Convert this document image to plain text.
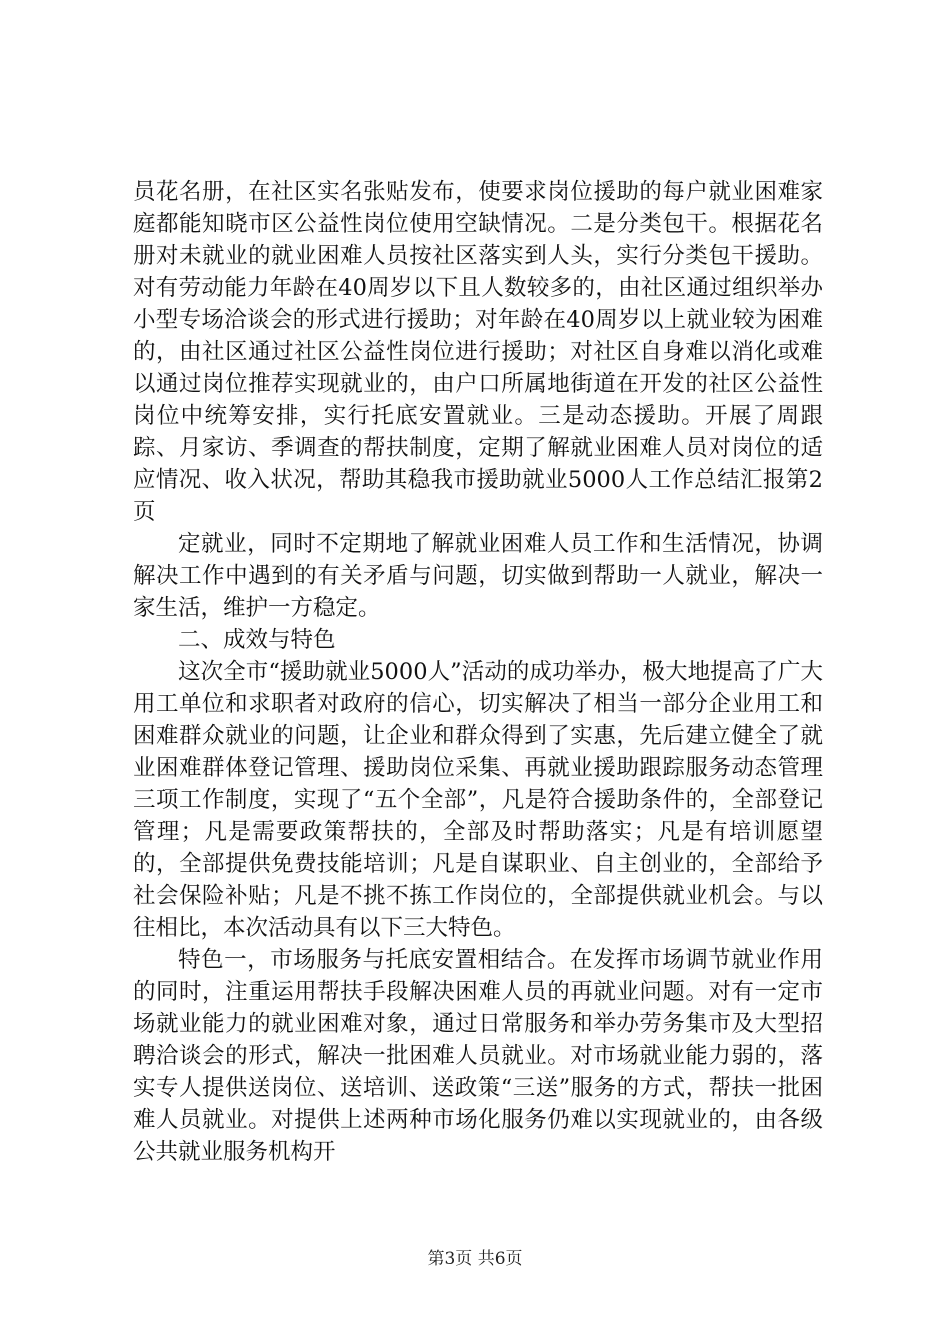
员花名册，在社区实名张贴发布，使要求岗位援助的每户就业困难家庭都能知晓市区公益性岗位使用空缺情况。二是分类包干。根据花名册对未就业的就业困难人员按社区落实到人头，实行分类包干援助。对有劳动能力年龄在40周岁以下且人数较多的，由社区通过组织举办小型专场洽谈会的形式进行援助；对年龄在40周岁以上就业较为困难的，由社区通过社区公益性岗位进行援助；对社区自身难以消化或难以通过岗位推荐实现就业的，由户口所属地街道在开发的社区公益性岗位中统筹安排，实行托底安置就业。三是动态援助。开展了周跟踪、月家访、季调查的帮扶制度，定期了解就业困难人员对岗位的适应情况、收入状况，帮助其稳我市援助就业5000人工作总结汇报第2页

定就业，同时不定期地了解就业困难人员工作和生活情况，协调解决工作中遇到的有关矛盾与问题，切实做到帮助一人就业，解决一家生活，维护一方稳定。

二、成效与特色

这次全市“援助就业5000人”活动的成功举办，极大地提高了广大用工单位和求职者对政府的信心，切实解决了相当一部分企业用工和困难群众就业的问题，让企业和群众得到了实惠，先后建立健全了就业困难群体登记管理、援助岗位采集、再就业援助跟踪服务动态管理三项工作制度，实现了“五个全部”，凡是符合援助条件的，全部登记管理；凡是需要政策帮扶的，全部及时帮助落实；凡是有培训愿望的，全部提供免费技能培训；凡是自谋职业、自主创业的，全部给予社会保险补贴；凡是不挑不拣工作岗位的，全部提供就业机会。与以往相比，本次活动具有以下三大特色。

特色一，市场服务与托底安置相结合。在发挥市场调节就业作用的同时，注重运用帮扶手段解决困难人员的再就业问题。对有一定市场就业能力的就业困难对象，通过日常服务和举办劳务集市及大型招聘洽谈会的形式，解决一批困难人员就业。对市场就业能力弱的，落实专人提供送岗位、送培训、送政策“三送”服务的方式，帮扶一批困难人员就业。对提供上述两种市场化服务仍难以实现就业的，由各级公共就业服务机构开

第3页 共6页
